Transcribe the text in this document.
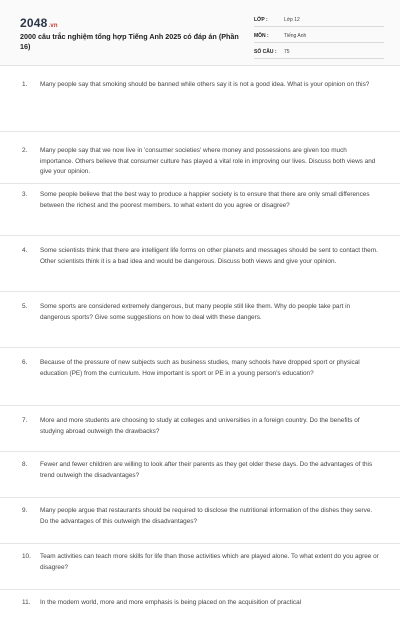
2048.vn
2000 câu trắc nghiệm tổng hợp Tiếng Anh 2025 có đáp án (Phần 16)
LỚP :	Lớp 12
MÔN :	Tiếng Anh
SỐ CÂU :	75
1. Many people say that smoking should be banned while others say it is not a good idea. What is your opinion on this?
2. Many people say that we now live in 'consumer societies' where money and possessions are given too much importance. Others believe that consumer culture has played a vital role in improving our lives. Discuss both views and give your opinion.
3. Some people believe that the best way to produce a happier society is to ensure that there are only small differences between the richest and the poorest members. to what extent do you agree or disagree?
4. Some scientists think that there are intelligent life forms on other planets and messages should be sent to contact them. Other scientists think it is a bad idea and would be dangerous. Discuss both views and give your opinion.
5. Some sports are considered extremely dangerous, but many people still like them. Why do people take part in dangerous sports? Give some suggestions on how to deal with these dangers.
6. Because of the pressure of new subjects such as business studies, many schools have dropped sport or physical education (PE) from the curriculum. How important is sport or PE in a young person's education?
7. More and more students are choosing to study at colleges and universities in a foreign country. Do the benefits of studying abroad outweigh the drawbacks?
8. Fewer and fewer children are willing to look after their parents as they get older these days. Do the advantages of this trend outweigh the disadvantages?
9. Many people argue that restaurants should be required to disclose the nutritional information of the dishes they serve. Do the advantages of this outweigh the disadvantages?
10. Team activities can teach more skills for life than those activities which are played alone. To what extent do you agree or disagree?
11. In the modern world, more and more emphasis is being placed on the acquisition of practical
